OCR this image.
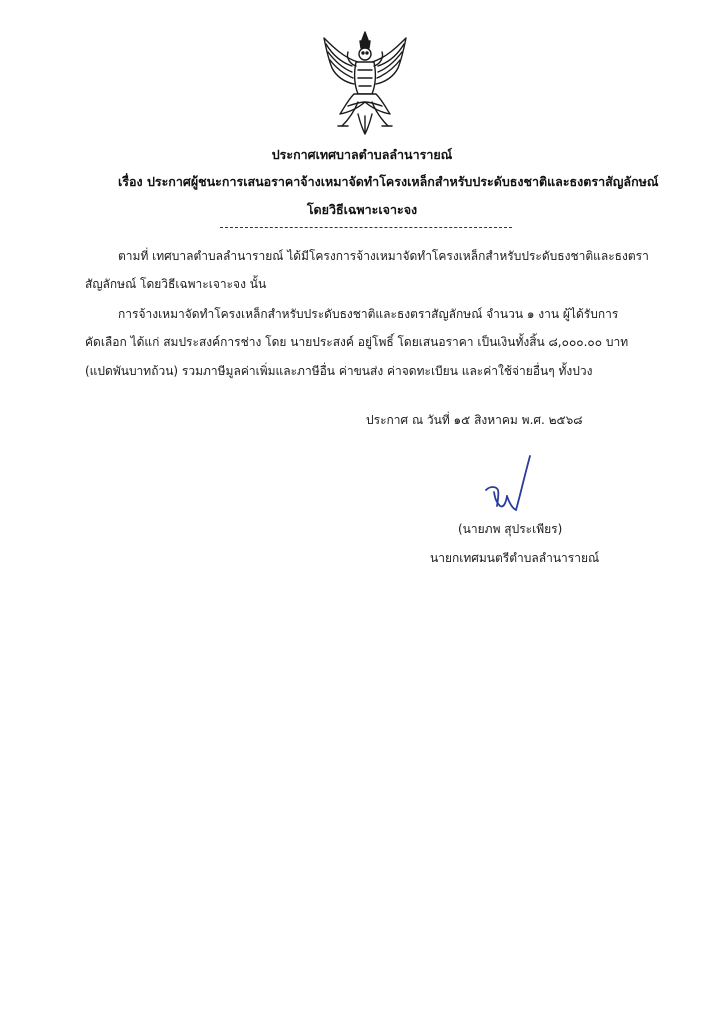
ประกาศเทศบาลตำบลลำนารายณ์
เรื่อง ประกาศผู้ชนะการเสนอราคาจ้างเหมาจัดทำโครงเหล็กสำหรับประดับธงชาติและธงตราสัญลักษณ์
โดยวิธีเฉพาะเจาะจง
ตามที่ เทศบาลตำบลลำนารายณ์ ได้มีโครงการจ้างเหมาจัดทำโครงเหล็กสำหรับประดับธงชาติและธงตรา
สัญลักษณ์ โดยวิธีเฉพาะเจาะจง นั้น
การจ้างเหมาจัดทำโครงเหล็กสำหรับประดับธงชาติและธงตราสัญลักษณ์ จำนวน ๑ งาน ผู้ได้รับการ
คัดเลือก ได้แก่ สมประสงค์การช่าง โดย นายประสงค์ อยู่โพธิ์ โดยเสนอราคา เป็นเงินทั้งสิ้น ๘,๐๐๐.๐๐ บาท
(แปดพันบาทถ้วน) รวมภาษีมูลค่าเพิ่มและภาษีอื่น ค่าขนส่ง ค่าจดทะเบียน และค่าใช้จ่ายอื่นๆ ทั้งปวง
ประกาศ ณ วันที่ ๑๕ สิงหาคม พ.ศ. ๒๕๖๘
(นายภพ สุประเพียร)
นายกเทศมนตรีตำบลลำนารายณ์
